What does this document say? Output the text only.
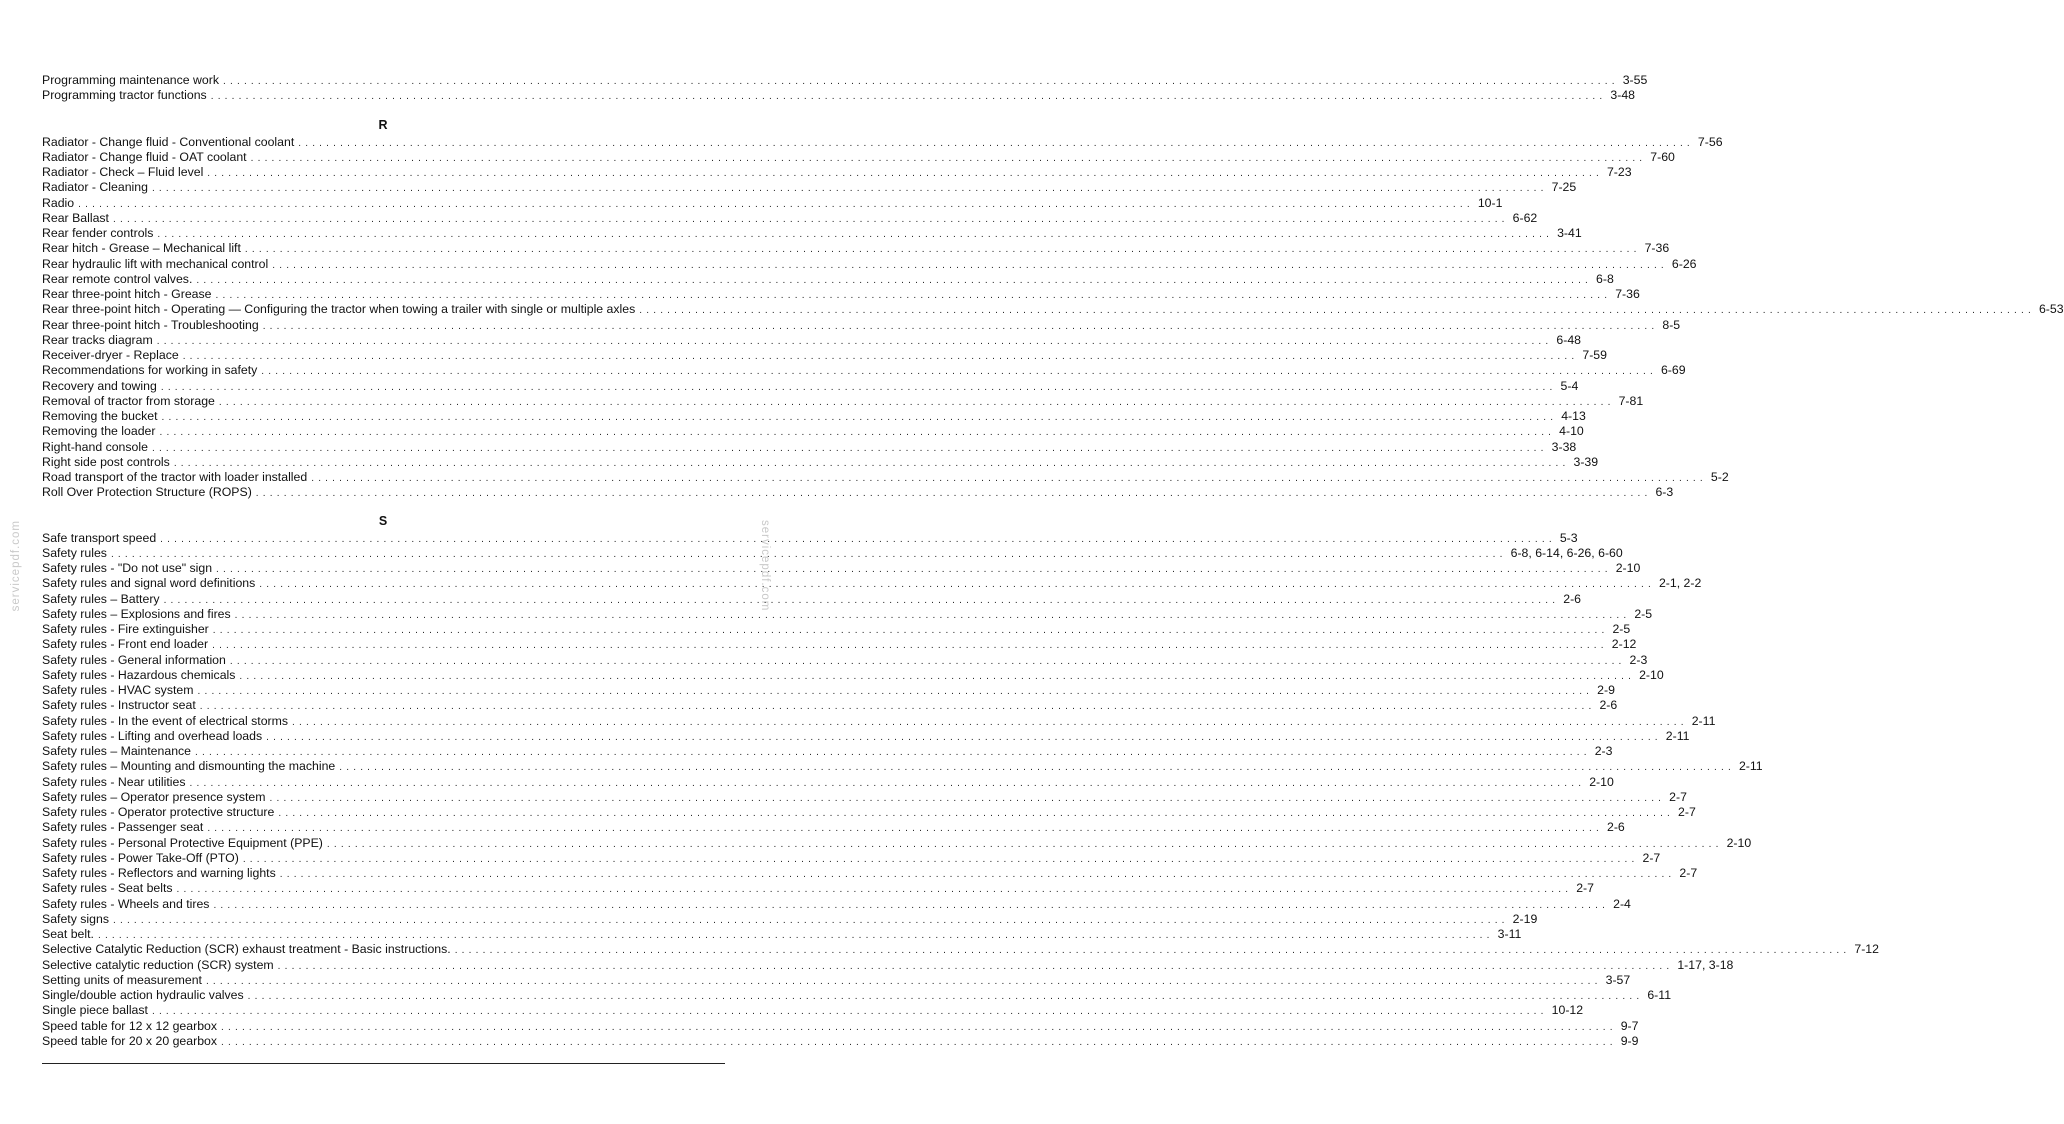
servicepdf.com	servicepdf.com
Programming maintenance work ........................................................................................................................................................................................................ 3-55
Programming tractor functions ........................................................................................................................................................................................................ 3-48
R
Radiator - Change fluid - Conventional coolant ........................................................................................................................................................................................................ 7-56
Radiator - Change fluid - OAT coolant ........................................................................................................................................................................................................ 7-60
Radiator - Check – Fluid level ........................................................................................................................................................................................................ 7-23
Radiator - Cleaning ........................................................................................................................................................................................................ 7-25
Radio ........................................................................................................................................................................................................ 10-1
Rear Ballast ........................................................................................................................................................................................................ 6-62
Rear fender controls ........................................................................................................................................................................................................ 3-41
Rear hitch - Grease – Mechanical lift ........................................................................................................................................................................................................ 7-36
Rear hydraulic lift with mechanical control ........................................................................................................................................................................................................ 6-26
Rear remote control valves. ........................................................................................................................................................................................................ 6-8
Rear three-point hitch - Grease ........................................................................................................................................................................................................ 7-36
Rear three-point hitch - Operating — Configuring the tractor when towing a trailer with single or multiple axles ........................................................................................................................................................................................................ 6-53
Rear three-point hitch - Troubleshooting ........................................................................................................................................................................................................ 8-5
Rear tracks diagram ........................................................................................................................................................................................................ 6-48
Receiver-dryer - Replace ........................................................................................................................................................................................................ 7-59
Recommendations for working in safety ........................................................................................................................................................................................................ 6-69
Recovery and towing ........................................................................................................................................................................................................ 5-4
Removal of tractor from storage ........................................................................................................................................................................................................ 7-81
Removing the bucket ........................................................................................................................................................................................................ 4-13
Removing the loader ........................................................................................................................................................................................................ 4-10
Right-hand console ........................................................................................................................................................................................................ 3-38
Right side post controls ........................................................................................................................................................................................................ 3-39
Road transport of the tractor with loader installed ........................................................................................................................................................................................................ 5-2
Roll Over Protection Structure (ROPS) ........................................................................................................................................................................................................ 6-3
S
Safe transport speed ........................................................................................................................................................................................................ 5-3
Safety rules ........................................................................................................................................................................................................ 6-8, 6-14, 6-26, 6-60
Safety rules - "Do not use" sign ........................................................................................................................................................................................................ 2-10
Safety rules and signal word definitions ........................................................................................................................................................................................................ 2-1, 2-2
Safety rules – Battery ........................................................................................................................................................................................................ 2-6
Safety rules – Explosions and fires ........................................................................................................................................................................................................ 2-5
Safety rules - Fire extinguisher ........................................................................................................................................................................................................ 2-5
Safety rules - Front end loader ........................................................................................................................................................................................................ 2-12
Safety rules - General information ........................................................................................................................................................................................................ 2-3
Safety rules - Hazardous chemicals ........................................................................................................................................................................................................ 2-10
Safety rules - HVAC system ........................................................................................................................................................................................................ 2-9
Safety rules - Instructor seat ........................................................................................................................................................................................................ 2-6
Safety rules - In the event of electrical storms ........................................................................................................................................................................................................ 2-11
Safety rules - Lifting and overhead loads ........................................................................................................................................................................................................ 2-11
Safety rules – Maintenance ........................................................................................................................................................................................................ 2-3
Safety rules – Mounting and dismounting the machine ........................................................................................................................................................................................................ 2-11
Safety rules - Near utilities ........................................................................................................................................................................................................ 2-10
Safety rules – Operator presence system ........................................................................................................................................................................................................ 2-7
Safety rules - Operator protective structure ........................................................................................................................................................................................................ 2-7
Safety rules - Passenger seat ........................................................................................................................................................................................................ 2-6
Safety rules - Personal Protective Equipment (PPE) ........................................................................................................................................................................................................ 2-10
Safety rules - Power Take-Off (PTO) ........................................................................................................................................................................................................ 2-7
Safety rules - Reflectors and warning lights ........................................................................................................................................................................................................ 2-7
Safety rules - Seat belts ........................................................................................................................................................................................................ 2-7
Safety rules - Wheels and tires ........................................................................................................................................................................................................ 2-4
Safety signs ........................................................................................................................................................................................................ 2-19
Seat belt. ........................................................................................................................................................................................................ 3-11
Selective Catalytic Reduction (SCR) exhaust treatment - Basic instructions. ........................................................................................................................................................................................................ 7-12
Selective catalytic reduction (SCR) system ........................................................................................................................................................................................................ 1-17, 3-18
Setting units of measurement ........................................................................................................................................................................................................ 3-57
Single/double action hydraulic valves ........................................................................................................................................................................................................ 6-11
Single piece ballast ........................................................................................................................................................................................................ 10-12
Speed table for 12 x 12 gearbox ........................................................................................................................................................................................................ 9-7
Speed table for 20 x 20 gearbox ........................................................................................................................................................................................................ 9-9
